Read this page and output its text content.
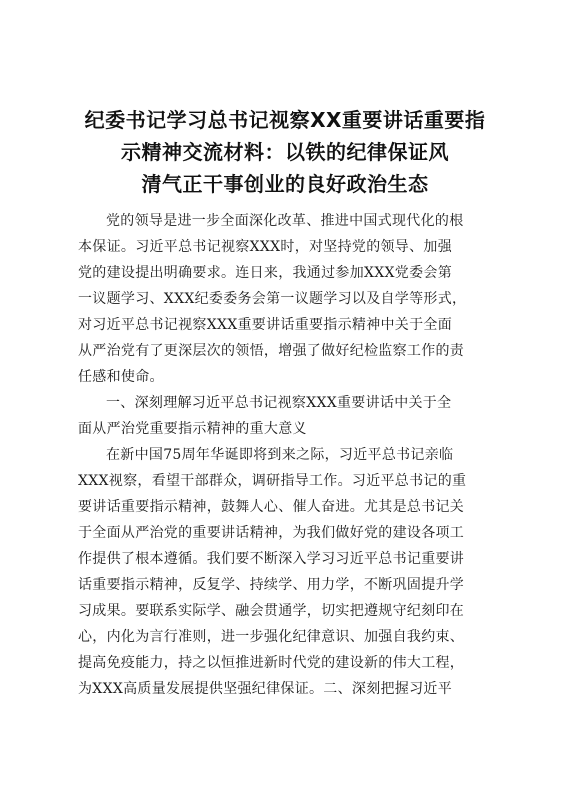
纪委书记学习总书记视察XX重要讲话重要指
示精神交流材料：以铁的纪律保证风
清气正干事创业的良好政治生态

党的领导是进一步全面深化改革、推进中国式现代化的根
本保证。习近平总书记视察XXX时，对坚持党的领导、加强
党的建设提出明确要求。连日来，我通过参加XXX党委会第
一议题学习、XXX纪委委务会第一议题学习以及自学等形式，
对习近平总书记视察XXX重要讲话重要指示精神中关于全面
从严治党有了更深层次的领悟，增强了做好纪检监察工作的责
任感和使命。

一、深刻理解习近平总书记视察XXX重要讲话中关于全
面从严治党重要指示精神的重大意义

在新中国75周年华诞即将到来之际，习近平总书记亲临
XXX视察，看望干部群众，调研指导工作。习近平总书记的重
要讲话重要指示精神，鼓舞人心、催人奋进。尤其是总书记关
于全面从严治党的重要讲话精神，为我们做好党的建设各项工
作提供了根本遵循。我们要不断深入学习习近平总书记重要讲
话重要指示精神，反复学、持续学、用力学，不断巩固提升学
习成果。要联系实际学、融会贯通学，切实把遵规守纪刻印在
心，内化为言行准则，进一步强化纪律意识、加强自我约束、
提高免疫能力，持之以恒推进新时代党的建设新的伟大工程，
为XXX高质量发展提供坚强纪律保证。二、深刻把握习近平
